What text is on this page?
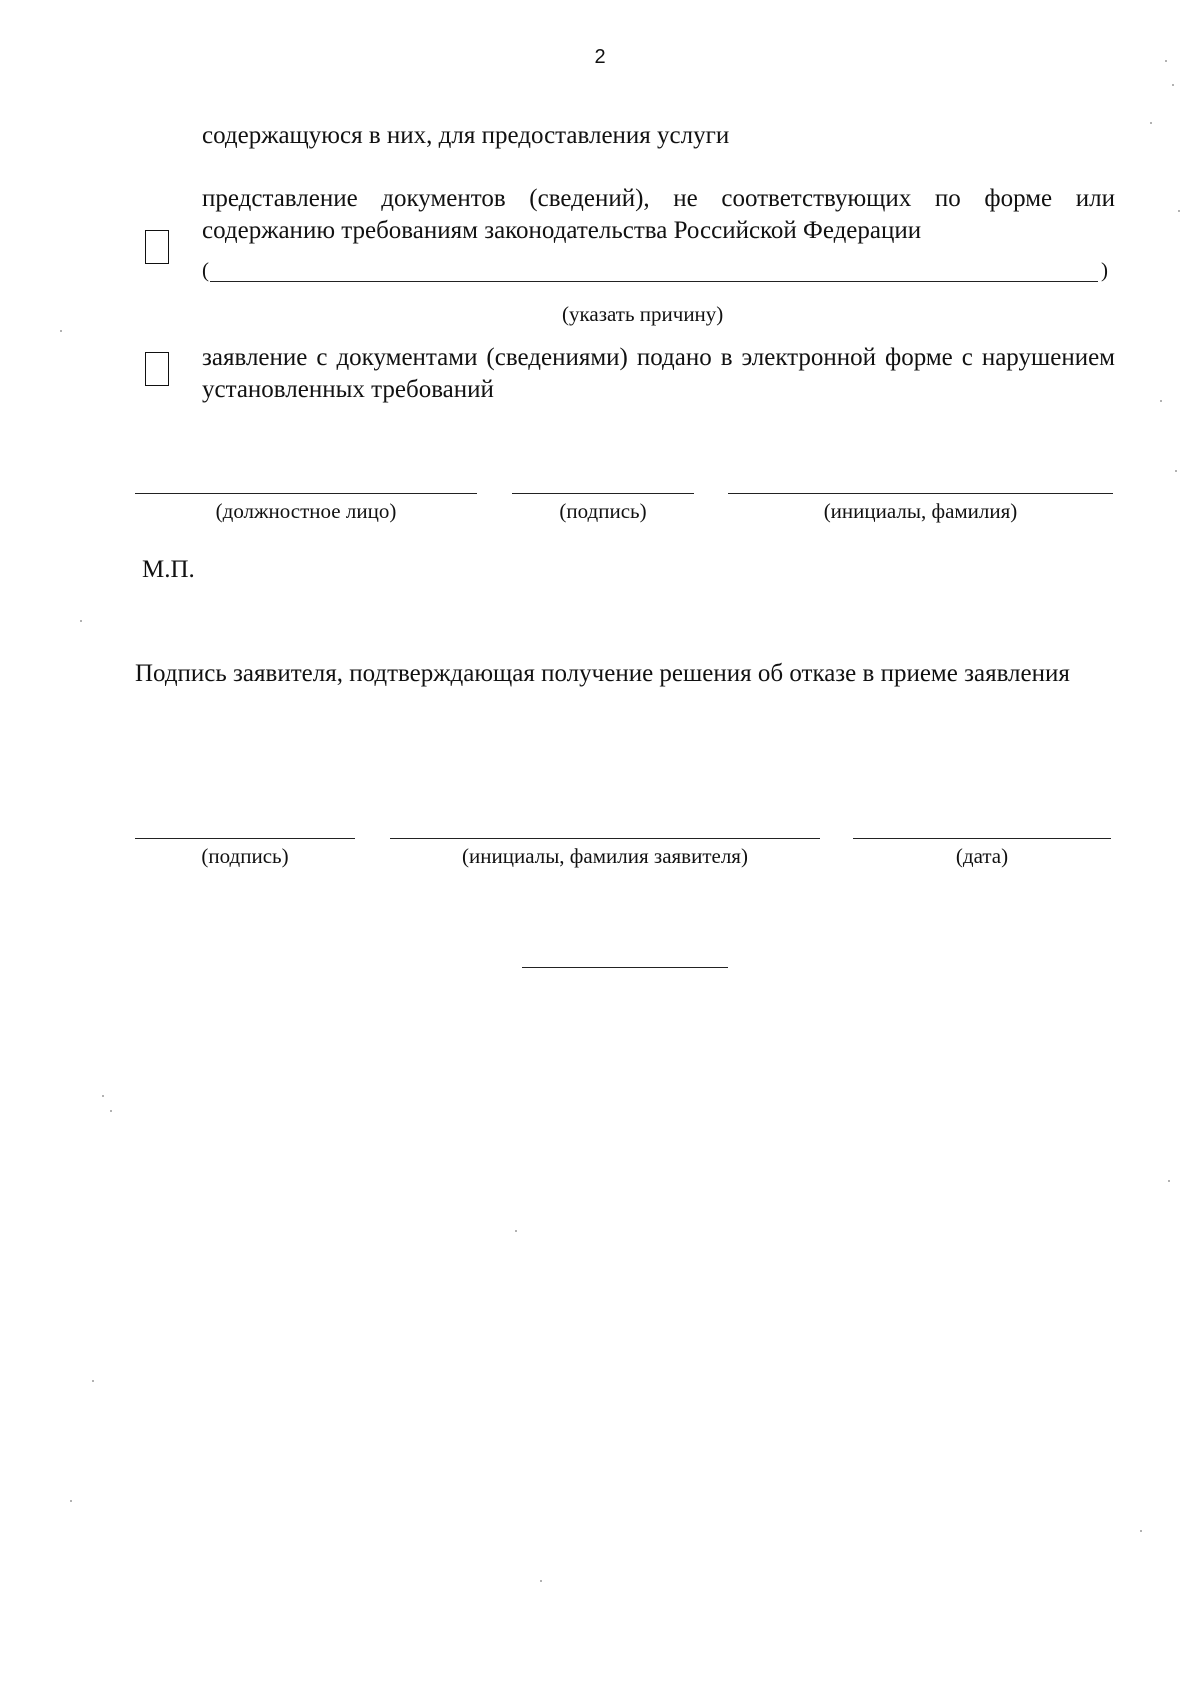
2
содержащуюся в них, для предоставления услуги
представление документов (сведений), не соответствующих по форме или содержанию требованиям законодательства Российской Федерации
(	)
(указать причину)
заявление с документами (сведениями) подано в электронной форме с нарушением установленных требований
(должностное лицо)	(подпись)	(инициалы, фамилия)
М.П.
Подпись заявителя, подтверждающая получение решения об отказе в приеме заявления
(подпись)	(инициалы, фамилия заявителя)	(дата)
